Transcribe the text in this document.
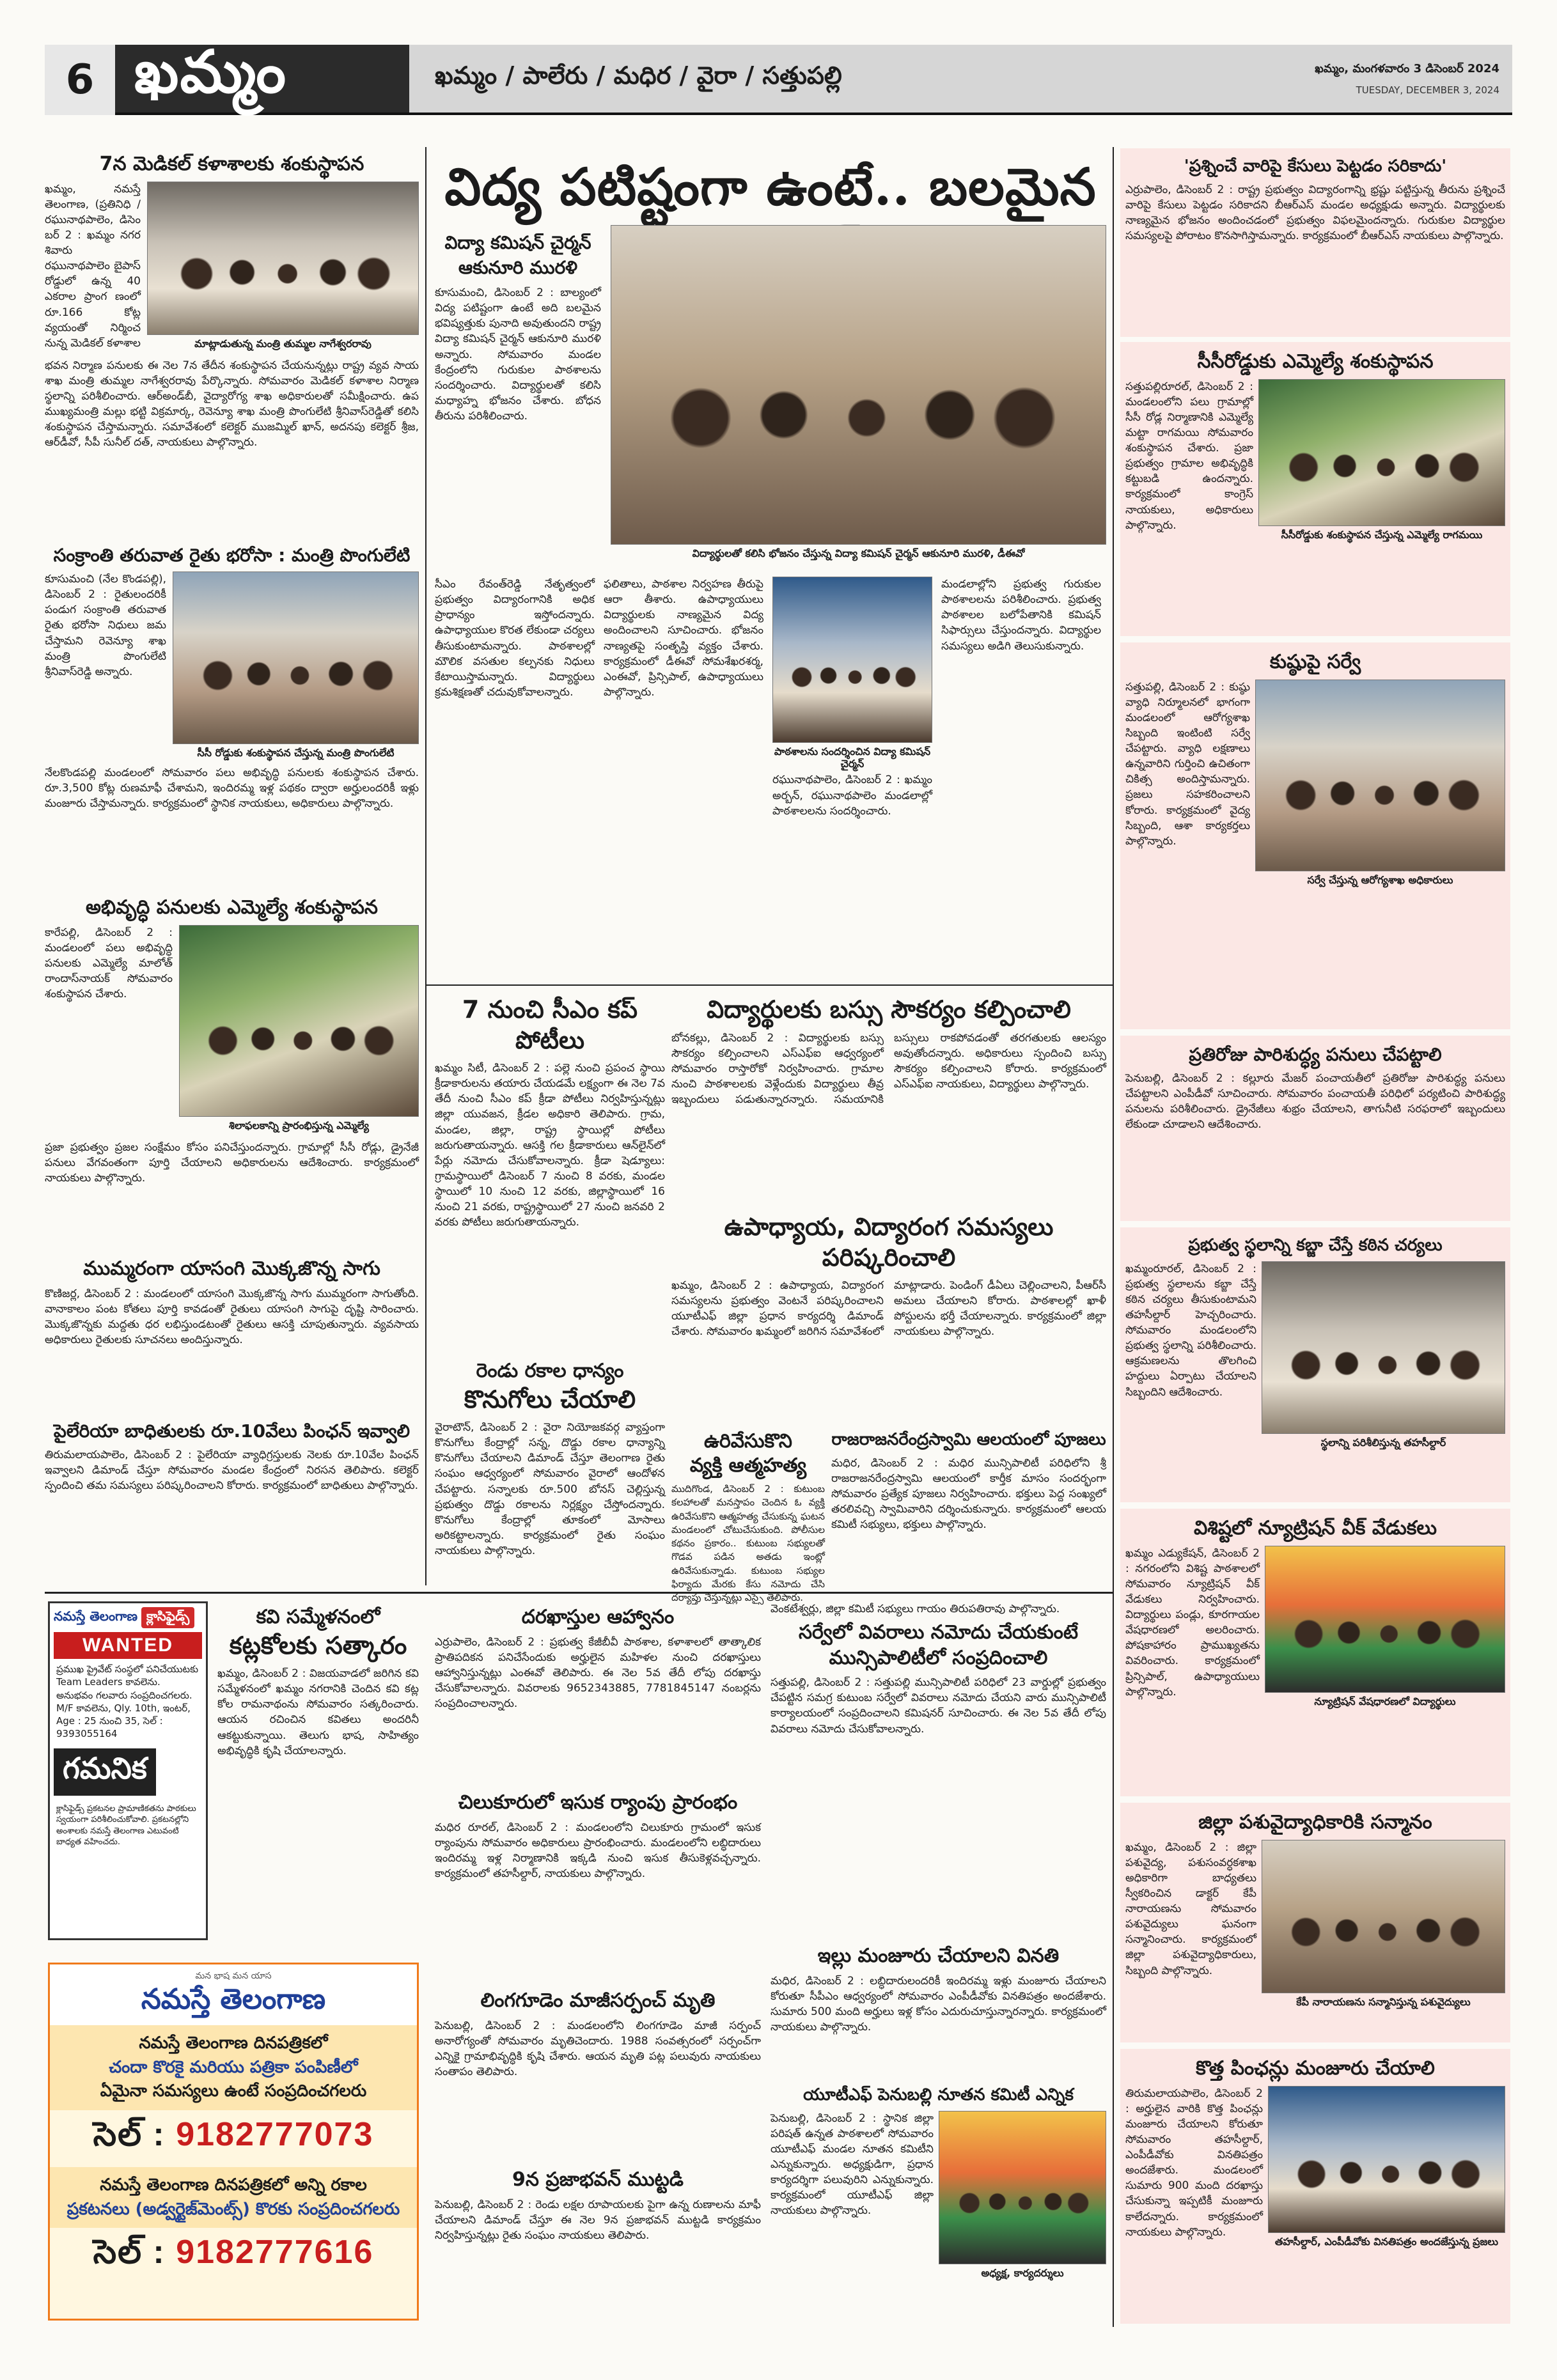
6 ఖమ్మం	ఖమ్మం / పాలేరు / మధిర / వైరా / సత్తుపల్లి	ఖమ్మం, మంగళవారం 3 డిసెంబర్ 2024
TUESDAY, DECEMBER 3, 2024
7న మెడికల్ కళాశాలకు శంకుస్థాపన
ఖమ్మం, నమస్తే తెలంగాణ, (ప్రతినిధి / రఘునాథపాలెం, డిసెం బర్ 2 : ఖమ్మం నగర శివారు రఘునాథపాలెం బైపాస్ రోడ్డులో ఉన్న 40 ఎకరాల ప్రాంగ ణంలో రూ.166 కోట్ల వ్యయంతో నిర్మించ నున్న మెడికల్ కళాశాల	మాట్లాడుతున్న మంత్రి తుమ్మల నాగేశ్వరరావు
భవన నిర్మాణ పనులకు ఈ నెల 7న తేదీన శంకుస్థాపన చేయనున్నట్లు రాష్ట్ర వ్యవ సాయ శాఖ మంత్రి తుమ్మల నాగేశ్వరరావు పేర్కొన్నారు. సోమవారం మెడికల్ కళాశాల నిర్మాణ స్థలాన్ని పరిశీలించారు. ఆర్‌అండ్‌బీ, వైద్యారోగ్య శాఖ అధికారులతో సమీక్షించారు. ఉప ముఖ్యమంత్రి మల్లు భట్టి విక్రమార్క, రెవెన్యూ శాఖ మంత్రి పొంగులేటి శ్రీనివాస్‌రెడ్డితో కలిసి శంకుస్థాపన చేస్తామన్నారు. సమావేశంలో కలెక్టర్ ముజమ్మిల్ ఖాన్, అదనపు కలెక్టర్ శ్రీజ, ఆర్‌డీవో, సీపీ సునీల్ దత్, నాయకులు పాల్గొన్నారు.
సంక్రాంతి తరువాత రైతు భరోసా : మంత్రి పొంగులేటి
కూసుమంచి (నేల కొండపల్లి), డిసెంబర్ 2 : రైతులందరికీ పండుగ సంక్రాంతి తరువాత రైతు భరోసా నిధులు జమ చేస్తామని రెవెన్యూ శాఖ మంత్రి పొంగులేటి శ్రీనివాస్‌రెడ్డి అన్నారు.
సీసీ రోడ్డుకు శంకుస్థాపన చేస్తున్న మంత్రి పొంగులేటి
నేలకొండపల్లి మండలంలో సోమవారం పలు అభివృద్ధి పనులకు శంకుస్థాపన చేశారు. రూ.3,500 కోట్ల రుణమాఫీ చేశామని, ఇందిరమ్మ ఇళ్ల పథకం ద్వారా అర్హులందరికీ ఇళ్లు మంజూరు చేస్తామన్నారు. కార్యక్రమంలో స్థానిక నాయకులు, అధికారులు పాల్గొన్నారు.
అభివృద్ధి పనులకు ఎమ్మెల్యే శంకుస్థాపన
కారేపల్లి, డిసెంబర్ 2 : మండలంలో పలు అభివృద్ధి పనులకు ఎమ్మెల్యే మాలోత్ రాందాస్‌నాయక్ సోమవారం శంకుస్థాపన చేశారు.
శిలాఫలకాన్ని ప్రారంభిస్తున్న ఎమ్మెల్యే
ప్రజా ప్రభుత్వం ప్రజల సంక్షేమం కోసం పనిచేస్తుందన్నారు. గ్రామాల్లో సీసీ రోడ్లు, డ్రైనేజీ పనులు వేగవంతంగా పూర్తి చేయాలని అధికారులను ఆదేశించారు. కార్యక్రమంలో నాయకులు పాల్గొన్నారు.
ముమ్మరంగా యాసంగి మొక్కజొన్న సాగు
కొణిజర్ల, డిసెంబర్ 2 : మండలంలో యాసంగి మొక్కజొన్న సాగు ముమ్మరంగా సాగుతోంది. వానాకాలం పంట కోతలు పూర్తి కావడంతో రైతులు యాసంగి సాగుపై దృష్టి సారించారు. మొక్కజొన్నకు మద్దతు ధర లభిస్తుండటంతో రైతులు ఆసక్తి చూపుతున్నారు. వ్యవసాయ అధికారులు రైతులకు సూచనలు అందిస్తున్నారు.
పైలేరియా బాధితులకు రూ.10వేలు పింఛన్ ఇవ్వాలి
తిరుమలాయపాలెం, డిసెంబర్ 2 : పైలేరియా వ్యాధిగ్రస్తులకు నెలకు రూ.10వేల పింఛన్ ఇవ్వాలని డిమాండ్ చేస్తూ సోమవారం మండల కేంద్రంలో నిరసన తెలిపారు. కలెక్టర్ స్పందించి తమ సమస్యలు పరిష్కరించాలని కోరారు. కార్యక్రమంలో బాధితులు పాల్గొన్నారు.
విద్య పటిష్టంగా ఉంటే.. బలమైన
విద్యా కమిషన్ చైర్మన్
ఆకునూరి మురళి
కూసుమంచి, డిసెంబర్ 2 : బాల్యంలో విద్య పటిష్టంగా ఉంటే అది బలమైన భవిష్యత్తుకు పునాది అవుతుందని రాష్ట్ర విద్యా కమిషన్ చైర్మన్ ఆకునూరి మురళి అన్నారు. సోమవారం మండల కేంద్రంలోని గురుకుల పాఠశాలను సందర్శించారు. విద్యార్థులతో కలిసి మధ్యాహ్న భోజనం చేశారు. బోధన తీరును పరిశీలించారు.
విద్యార్థులతో కలిసి భోజనం చేస్తున్న విద్యా కమిషన్ చైర్మన్ ఆకునూరి మురళి, డీఈవో
సీఎం రేవంత్‌రెడ్డి నేతృత్వంలో ప్రభుత్వం విద్యారంగానికి అధిక ప్రాధాన్యం ఇస్తోందన్నారు. ఉపాధ్యాయుల కొరత లేకుండా చర్యలు తీసుకుంటామన్నారు. పాఠశాలల్లో మౌలిక వసతుల కల్పనకు నిధులు కేటాయిస్తామన్నారు. విద్యార్థులు క్రమశిక్షణతో చదువుకోవాలన్నారు.
ఫలితాలు, పాఠశాల నిర్వహణ తీరుపై ఆరా తీశారు. ఉపాధ్యాయులు విద్యార్థులకు నాణ్యమైన విద్య అందించాలని సూచించారు. భోజనం నాణ్యతపై సంతృప్తి వ్యక్తం చేశారు. కార్యక్రమంలో డీఈవో సోమశేఖరశర్మ, ఎంఈవో, ప్రిన్సిపాల్, ఉపాధ్యాయులు పాల్గొన్నారు.
పాఠశాలను సందర్శించిన విద్యా కమిషన్ చైర్మన్
రఘునాథపాలెం, డిసెంబర్ 2 : ఖమ్మం అర్బన్, రఘునాథపాలెం మండలాల్లో పాఠశాలలను సందర్శించారు.
మండలాల్లోని ప్రభుత్వ గురుకుల పాఠశాలలను పరిశీలించారు. ప్రభుత్వ పాఠశాలల బలోపేతానికి కమిషన్ సిఫార్సులు చేస్తుందన్నారు. విద్యార్థుల సమస్యలు అడిగి తెలుసుకున్నారు.
7 నుంచి సీఎం కప్ పోటీలు
ఖమ్మం సిటీ, డిసెంబర్ 2 : పల్లె నుంచి ప్రపంచ స్థాయి క్రీడాకారులను తయారు చేయడమే లక్ష్యంగా ఈ నెల 7వ తేదీ నుంచి సీఎం కప్ క్రీడా పోటీలు నిర్వహిస్తున్నట్లు జిల్లా యువజన, క్రీడల అధికారి తెలిపారు. గ్రామ, మండల, జిల్లా, రాష్ట్ర స్థాయిల్లో పోటీలు జరుగుతాయన్నారు. ఆసక్తి గల క్రీడాకారులు ఆన్‌లైన్‌లో పేర్లు నమోదు చేసుకోవాలన్నారు. క్రీడా షెడ్యూలు: గ్రామస్థాయిలో డిసెంబర్ 7 నుంచి 8 వరకు, మండల స్థాయిలో 10 నుంచి 12 వరకు, జిల్లాస్థాయిలో 16 నుంచి 21 వరకు, రాష్ట్రస్థాయిలో 27 నుంచి జనవరి 2 వరకు పోటీలు జరుగుతాయన్నారు.
విద్యార్థులకు బస్సు సౌకర్యం కల్పించాలి
బోనకల్లు, డిసెంబర్ 2 : విద్యార్థులకు బస్సు సౌకర్యం కల్పించాలని ఎస్‌ఎఫ్‌ఐ ఆధ్వర్యంలో సోమవారం రాస్తారోకో నిర్వహించారు. గ్రామాల నుంచి పాఠశాలలకు వెళ్లేందుకు విద్యార్థులు తీవ్ర ఇబ్బందులు పడుతున్నారన్నారు. సమయానికి బస్సులు రాకపోవడంతో తరగతులకు ఆలస్యం అవుతోందన్నారు. అధికారులు స్పందించి బస్సు సౌకర్యం కల్పించాలని కోరారు. కార్యక్రమంలో ఎస్‌ఎఫ్‌ఐ నాయకులు, విద్యార్థులు పాల్గొన్నారు.
ఉపాధ్యాయ, విద్యారంగ సమస్యలు పరిష్కరించాలి
ఖమ్మం, డిసెంబర్ 2 : ఉపాధ్యాయ, విద్యారంగ సమస్యలను ప్రభుత్వం వెంటనే పరిష్కరించాలని యూటీఎఫ్ జిల్లా ప్రధాన కార్యదర్శి డిమాండ్ చేశారు. సోమవారం ఖమ్మంలో జరిగిన సమావేశంలో మాట్లాడారు. పెండింగ్ డీఏలు చెల్లించాలని, పీఆర్‌సీ అమలు చేయాలని కోరారు. పాఠశాలల్లో ఖాళీ పోస్టులను భర్తీ చేయాలన్నారు. కార్యక్రమంలో జిల్లా నాయకులు పాల్గొన్నారు.
రెండు రకాల ధాన్యం
కొనుగోలు చేయాలి
వైరాటౌన్, డిసెంబర్ 2 : వైరా నియోజకవర్గ వ్యాప్తంగా కొనుగోలు కేంద్రాల్లో సన్న, దొడ్డు రకాల ధాన్యాన్ని కొనుగోలు చేయాలని డిమాండ్ చేస్తూ తెలంగాణ రైతు సంఘం ఆధ్వర్యంలో సోమవారం వైరాలో ఆందోళన చేపట్టారు. సన్నాలకు రూ.500 బోనస్ చెల్లిస్తున్న ప్రభుత్వం దొడ్డు రకాలను నిర్లక్ష్యం చేస్తోందన్నారు. కొనుగోలు కేంద్రాల్లో తూకంలో మోసాలు అరికట్టాలన్నారు. కార్యక్రమంలో రైతు సంఘం నాయకులు పాల్గొన్నారు.
ఉరివేసుకొని
వ్యక్తి ఆత్మహత్య
ముదిగొండ, డిసెంబర్ 2 : కుటుంబ కలహాలతో మనస్తాపం చెందిన ఓ వ్యక్తి ఉరివేసుకొని ఆత్మహత్య చేసుకున్న ఘటన మండలంలో చోటుచేసుకుంది. పోలీసుల కథనం ప్రకారం.. కుటుంబ సభ్యులతో గొడవ పడిన అతడు ఇంట్లో ఉరివేసుకున్నాడు. కుటుంబ సభ్యుల ఫిర్యాదు మేరకు కేసు నమోదు చేసి దర్యాప్తు చేస్తున్నట్లు ఎస్సై తెలిపారు.
రాజరాజనరేంద్రస్వామి ఆలయంలో పూజలు
మధిర, డిసెంబర్ 2 : మధిర మున్సిపాలిటీ పరిధిలోని శ్రీ రాజరాజనరేంద్రస్వామి ఆలయంలో కార్తీక మాసం సందర్భంగా సోమవారం ప్రత్యేక పూజలు నిర్వహించారు. భక్తులు పెద్ద సంఖ్యలో తరలివచ్చి స్వామివారిని దర్శించుకున్నారు. కార్యక్రమంలో ఆలయ కమిటీ సభ్యులు, భక్తులు పాల్గొన్నారు.
'ప్రశ్నించే వారిపై కేసులు పెట్టడం సరికాదు'
ఎర్రుపాలెం, డిసెంబర్ 2 : రాష్ట్ర ప్రభుత్వం విద్యారంగాన్ని భ్రష్టు పట్టిస్తున్న తీరును ప్రశ్నించే వారిపై కేసులు పెట్టడం సరికాదని బీఆర్‌ఎస్ మండల అధ్యక్షుడు అన్నారు. విద్యార్థులకు నాణ్యమైన భోజనం అందించడంలో ప్రభుత్వం విఫలమైందన్నారు. గురుకుల విద్యార్థుల సమస్యలపై పోరాటం కొనసాగిస్తామన్నారు. కార్యక్రమంలో బీఆర్‌ఎస్ నాయకులు పాల్గొన్నారు.
సీసీరోడ్డుకు ఎమ్మెల్యే శంకుస్థాపన
సత్తుపల్లిరూరల్, డిసెంబర్ 2 : మండలంలోని పలు గ్రామాల్లో సీసీ రోడ్ల నిర్మాణానికి ఎమ్మెల్యే మట్టా రాగమయి సోమవారం శంకుస్థాపన చేశారు. ప్రజా ప్రభుత్వం గ్రామాల అభివృద్ధికి కట్టుబడి ఉందన్నారు. కార్యక్రమంలో కాంగ్రెస్ నాయకులు, అధికారులు పాల్గొన్నారు.
సీసీరోడ్డుకు శంకుస్థాపన చేస్తున్న ఎమ్మెల్యే రాగమయి
కుష్ఠుపై సర్వే
సత్తుపల్లి, డిసెంబర్ 2 : కుష్ఠు వ్యాధి నిర్మూలనలో భాగంగా మండలంలో ఆరోగ్యశాఖ సిబ్బంది ఇంటింటి సర్వే చేపట్టారు. వ్యాధి లక్షణాలు ఉన్నవారిని గుర్తించి ఉచితంగా చికిత్స అందిస్తామన్నారు. ప్రజలు సహకరించాలని కోరారు. కార్యక్రమంలో వైద్య సిబ్బంది, ఆశా కార్యకర్తలు పాల్గొన్నారు.
సర్వే చేస్తున్న ఆరోగ్యశాఖ అధికారులు
ప్రతిరోజు పారిశుద్ధ్య పనులు చేపట్టాలి
పెనుబల్లి, డిసెంబర్ 2 : కల్లూరు మేజర్ పంచాయతీలో ప్రతిరోజు పారిశుద్ధ్య పనులు చేపట్టాలని ఎంపీడీవో సూచించారు. సోమవారం పంచాయతీ పరిధిలో పర్యటించి పారిశుద్ధ్య పనులను పరిశీలించారు. డ్రైనేజీలు శుభ్రం చేయాలని, తాగునీటి సరఫరాలో ఇబ్బందులు లేకుండా చూడాలని ఆదేశించారు.
ప్రభుత్వ స్థలాన్ని కబ్జా చేస్తే కఠిన చర్యలు
ఖమ్మంరూరల్, డిసెంబర్ 2 : ప్రభుత్వ స్థలాలను కబ్జా చేస్తే కఠిన చర్యలు తీసుకుంటామని తహసీల్దార్ హెచ్చరించారు. సోమవారం మండలంలోని ప్రభుత్వ స్థలాన్ని పరిశీలించారు. ఆక్రమణలను తొలగించి హద్దులు ఏర్పాటు చేయాలని సిబ్బందిని ఆదేశించారు.
స్థలాన్ని పరిశీలిస్తున్న తహసీల్దార్
విశిష్టలో న్యూట్రిషన్ వీక్ వేడుకలు
ఖమ్మం ఎడ్యుకేషన్, డిసెంబర్ 2 : నగరంలోని విశిష్ట పాఠశాలలో సోమవారం న్యూట్రిషన్ వీక్ వేడుకలు నిర్వహించారు. విద్యార్థులు పండ్లు, కూరగాయల వేషధారణలో అలరించారు. పోషకాహారం ప్రాముఖ్యతను వివరించారు. కార్యక్రమంలో ప్రిన్సిపాల్, ఉపాధ్యాయులు పాల్గొన్నారు.
న్యూట్రిషన్ వేషధారణలో విద్యార్థులు
జిల్లా పశువైద్యాధికారికి సన్మానం
ఖమ్మం, డిసెంబర్ 2 : జిల్లా పశువైద్య, పశుసంవర్ధకశాఖ అధికారిగా బాధ్యతలు స్వీకరించిన డాక్టర్ కేపీ నారాయణను సోమవారం పశువైద్యులు ఘనంగా సన్మానించారు. కార్యక్రమంలో జిల్లా పశువైద్యాధికారులు, సిబ్బంది పాల్గొన్నారు.
కేపీ నారాయణను సన్మానిస్తున్న పశువైద్యులు
కొత్త పింఛన్లు మంజూరు చేయాలి
తిరుమలాయపాలెం, డిసెంబర్ 2 : అర్హులైన వారికి కొత్త పింఛన్లు మంజూరు చేయాలని కోరుతూ సోమవారం తహసీల్దార్, ఎంపీడీవోకు వినతిపత్రం అందజేశారు. మండలంలో సుమారు 900 మంది దరఖాస్తు చేసుకున్నా ఇప్పటికీ మంజూరు కాలేదన్నారు. కార్యక్రమంలో నాయకులు పాల్గొన్నారు.
తహసీల్దార్, ఎంపీడీవోకు వినతిపత్రం అందజేస్తున్న ప్రజలు
నమస్తే తెలంగాణ క్లాసిఫైడ్స్
WANTED
ప్రముఖ ప్రైవేట్ సంస్థలో పనిచేయుటకు Team Leaders కావలెను. అనుభవం గలవారు సంప్రదించగలరు. M/F కావలెను, Qly. 10th, ఇంటర్, Age : 25 నుంచి 35, సెల్ : 9393055164
గమనిక
క్లాసిఫైడ్స్ ప్రకటనల ప్రామాణికతను పాఠకులు స్వయంగా పరిశీలించుకోవాలి. ప్రకటనల్లోని అంశాలకు నమస్తే తెలంగాణ ఎటువంటి బాధ్యత వహించదు.
కవి సమ్మేళనంలో
కట్లకోలకు సత్కారం
ఖమ్మం, డిసెంబర్ 2 : విజయవాడలో జరిగిన కవి సమ్మేళనంలో ఖమ్మం నగరానికి చెందిన కవి కట్ల కోల రామనాథంను సోమవారం సత్కరించారు. ఆయన రచించిన కవితలు అందరినీ ఆకట్టుకున్నాయి. తెలుగు భాష, సాహిత్యం అభివృద్ధికి కృషి చేయాలన్నారు.
మన భాష మన యాస
నమస్తే తెలంగాణ
నమస్తే తెలంగాణ దినపత్రికలో
చందా కొరకై మరియు పత్రికా పంపిణీలో
ఏమైనా సమస్యలు ఉంటే సంప్రదించగలరు
సెల్ : 9182777073
నమస్తే తెలంగాణ దినపత్రికలో అన్ని రకాల
ప్రకటనలు (అడ్వర్టైజ్‌మెంట్స్) కొరకు సంప్రదించగలరు
సెల్ : 9182777616
దరఖాస్తుల ఆహ్వానం
ఎర్రుపాలెం, డిసెంబర్ 2 : ప్రభుత్వ కేజీబీవీ పాఠశాల, కళాశాలలో తాత్కాలిక ప్రాతిపదికన పనిచేసేందుకు అర్హులైన మహిళల నుంచి దరఖాస్తులు ఆహ్వానిస్తున్నట్లు ఎంఈవో తెలిపారు. ఈ నెల 5వ తేదీ లోపు దరఖాస్తు చేసుకోవాలన్నారు. వివరాలకు 9652343885, 7781845147 నంబర్లను సంప్రదించాలన్నారు.
చిలుకూరులో ఇసుక ర్యాంపు ప్రారంభం
మధిర రూరల్, డిసెంబర్ 2 : మండలంలోని చిలుకూరు గ్రామంలో ఇసుక ర్యాంపును సోమవారం అధికారులు ప్రారంభించారు. మండలంలోని లబ్ధిదారులు ఇందిరమ్మ ఇళ్ల నిర్మాణానికి ఇక్కడి నుంచి ఇసుక తీసుకెళ్లవచ్చన్నారు. కార్యక్రమంలో తహసీల్దార్, నాయకులు పాల్గొన్నారు.
లింగగూడెం మాజీసర్పంచ్ మృతి
పెనుబల్లి, డిసెంబర్ 2 : మండలంలోని లింగగూడెం మాజీ సర్పంచ్ అనారోగ్యంతో సోమవారం మృతిచెందారు. 1988 సంవత్సరంలో సర్పంచ్‌గా ఎన్నికై గ్రామాభివృద్ధికి కృషి చేశారు. ఆయన మృతి పట్ల పలువురు నాయకులు సంతాపం తెలిపారు.
9న ప్రజాభవన్ ముట్టడి
పెనుబల్లి, డిసెంబర్ 2 : రెండు లక్షల రూపాయలకు పైగా ఉన్న రుణాలను మాఫీ చేయాలని డిమాండ్ చేస్తూ ఈ నెల 9న ప్రజాభవన్ ముట్టడి కార్యక్రమం నిర్వహిస్తున్నట్లు రైతు సంఘం నాయకులు తెలిపారు.
వెంకటేశ్వర్లు, జిల్లా కమిటీ సభ్యులు గాయం తిరుపతిరావు పాల్గొన్నారు.
సర్వేలో వివరాలు నమోదు చేయకుంటే
మున్సిపాలిటీలో సంప్రదించాలి
సత్తుపల్లి, డిసెంబర్ 2 : సత్తుపల్లి మున్సిపాలిటీ పరిధిలో 23 వార్డుల్లో ప్రభుత్వం చేపట్టిన సమగ్ర కుటుంబ సర్వేలో వివరాలు నమోదు చేయని వారు మున్సిపాలిటీ కార్యాలయంలో సంప్రదించాలని కమిషనర్ సూచించారు. ఈ నెల 5వ తేదీ లోపు వివరాలు నమోదు చేసుకోవాలన్నారు.
ఇల్లు మంజూరు చేయాలని వినతి
మధిర, డిసెంబర్ 2 : లబ్ధిదారులందరికీ ఇందిరమ్మ ఇళ్లు మంజూరు చేయాలని కోరుతూ సీపీఎం ఆధ్వర్యంలో సోమవారం ఎంపీడీవోకు వినతిపత్రం అందజేశారు. సుమారు 500 మంది అర్హులు ఇళ్ల కోసం ఎదురుచూస్తున్నారన్నారు. కార్యక్రమంలో నాయకులు పాల్గొన్నారు.
యూటీఎఫ్ పెనుబల్లి నూతన కమిటీ ఎన్నిక
పెనుబల్లి, డిసెంబర్ 2 : స్థానిక జిల్లా పరిషత్ ఉన్నత పాఠశాలలో సోమవారం యూటీఎఫ్ మండల నూతన కమిటీని ఎన్నుకున్నారు. అధ్యక్షుడిగా, ప్రధాన కార్యదర్శిగా పలువురిని ఎన్నుకున్నారు. కార్యక్రమంలో యూటీఎఫ్ జిల్లా నాయకులు పాల్గొన్నారు.
అధ్యక్ష, కార్యదర్శులు
